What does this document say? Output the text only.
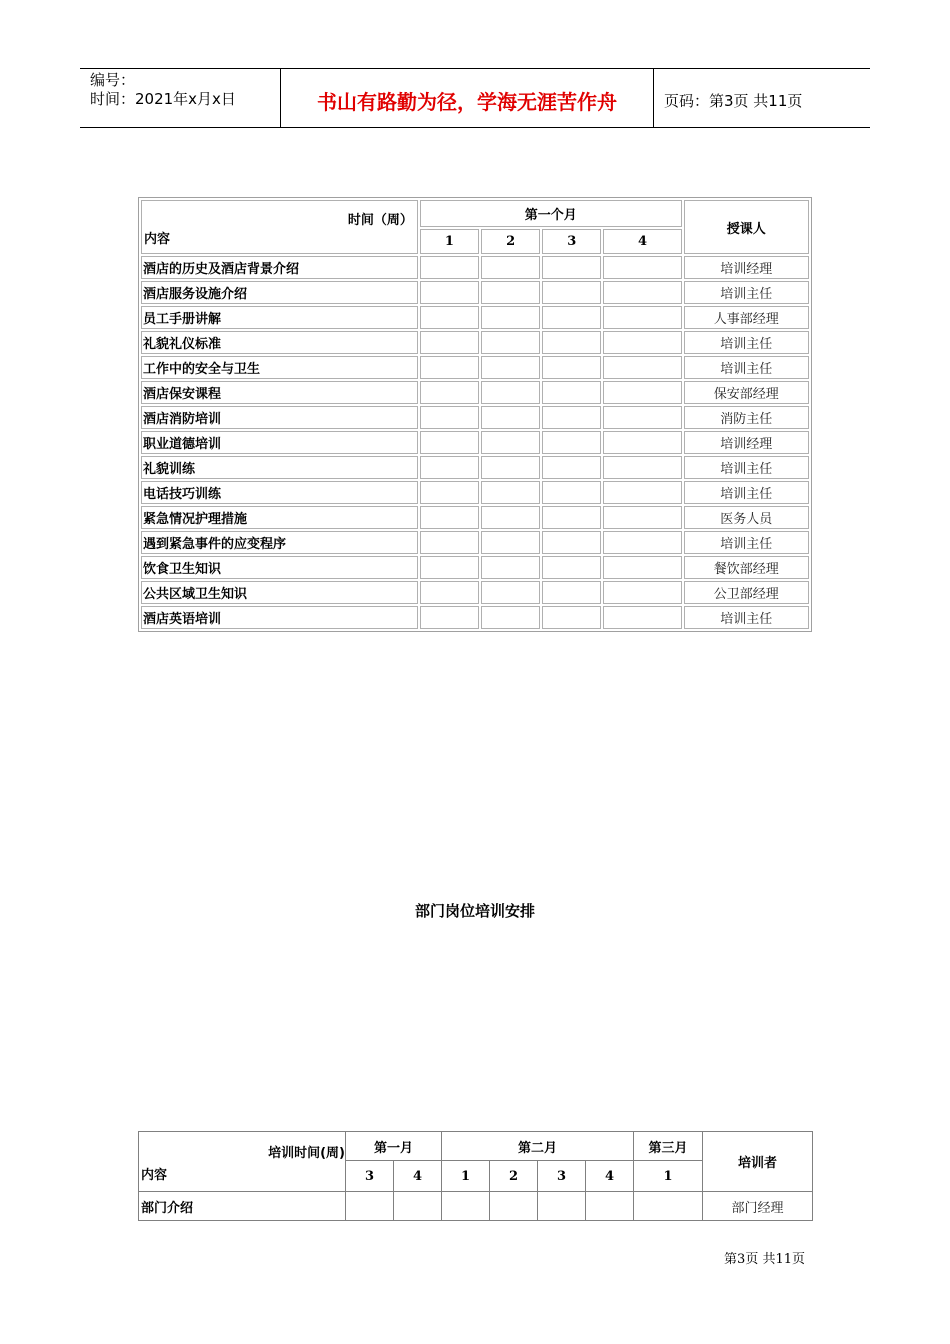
编号：
时间：2021年x月x日	书山有路勤为径，学海无涯苦作舟	页码：第3页 共11页
时间（周）
内容	第一个月				授课人
	1	2	3	4	
酒店的历史及酒店背景介绍					培训经理
酒店服务设施介绍					培训主任
员工手册讲解					人事部经理
礼貌礼仪标准					培训主任
工作中的安全与卫生					培训主任
酒店保安课程					保安部经理
酒店消防培训					消防主任
职业道德培训					培训经理
礼貌训练					培训主任
电话技巧训练					培训主任
紧急情况护理措施					医务人员
遇到紧急事件的应变程序					培训主任
饮食卫生知识					餐饮部经理
公共区域卫生知识					公卫部经理
酒店英语培训					培训主任
部门岗位培训安排
培训时间(周)
内容	第一月		第二月				第三月	培训者
	3	4	1	2	3	4	1	
部门介绍								部门经理
第3页 共11页
